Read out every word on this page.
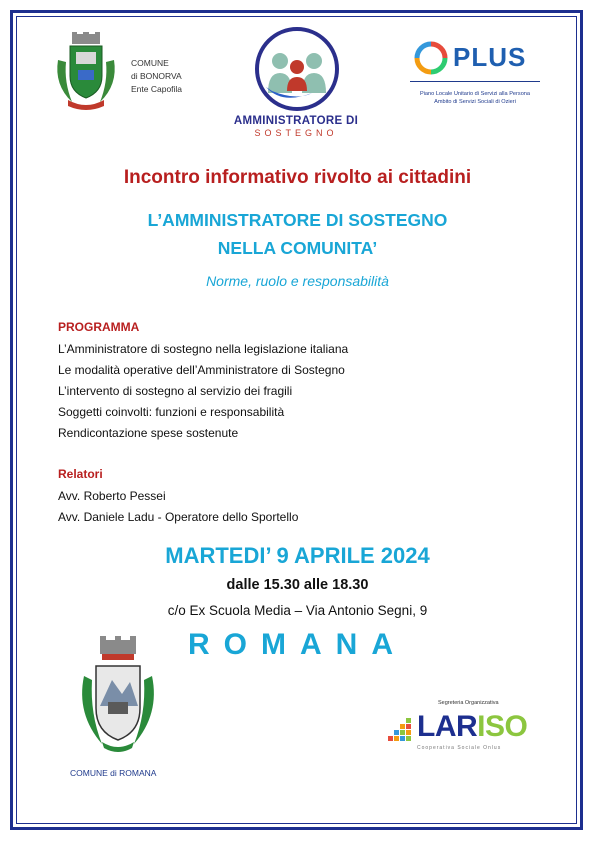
COMUNE
di BONORVA
Ente Capofila
AMMINISTRATORE DI
SOSTEGNO
PLUS
Piano Locale Unitario di Servizi alla Persona
Ambito di Servizi Sociali di Ozieri
Incontro informativo rivolto ai cittadini
L’AMMINISTRATORE DI SOSTEGNO
NELLA COMUNITA’
Norme, ruolo e responsabilità
PROGRAMMA
L’Amministratore di sostegno nella legislazione italiana
Le modalità operative dell’Amministratore di Sostegno
L’intervento di sostegno al servizio dei fragili
Soggetti coinvolti: funzioni e responsabilità
Rendicontazione spese sostenute
Relatori
Avv. Roberto Pessei
Avv. Daniele Ladu - Operatore dello Sportello
MARTEDI’ 9 APRILE 2024
dalle 15.30 alle 18.30
c/o Ex Scuola Media – Via Antonio Segni, 9
ROMANA
COMUNE di ROMANA
Segreteria Organizzativa
LARISO
Cooperativa Sociale Onlus
